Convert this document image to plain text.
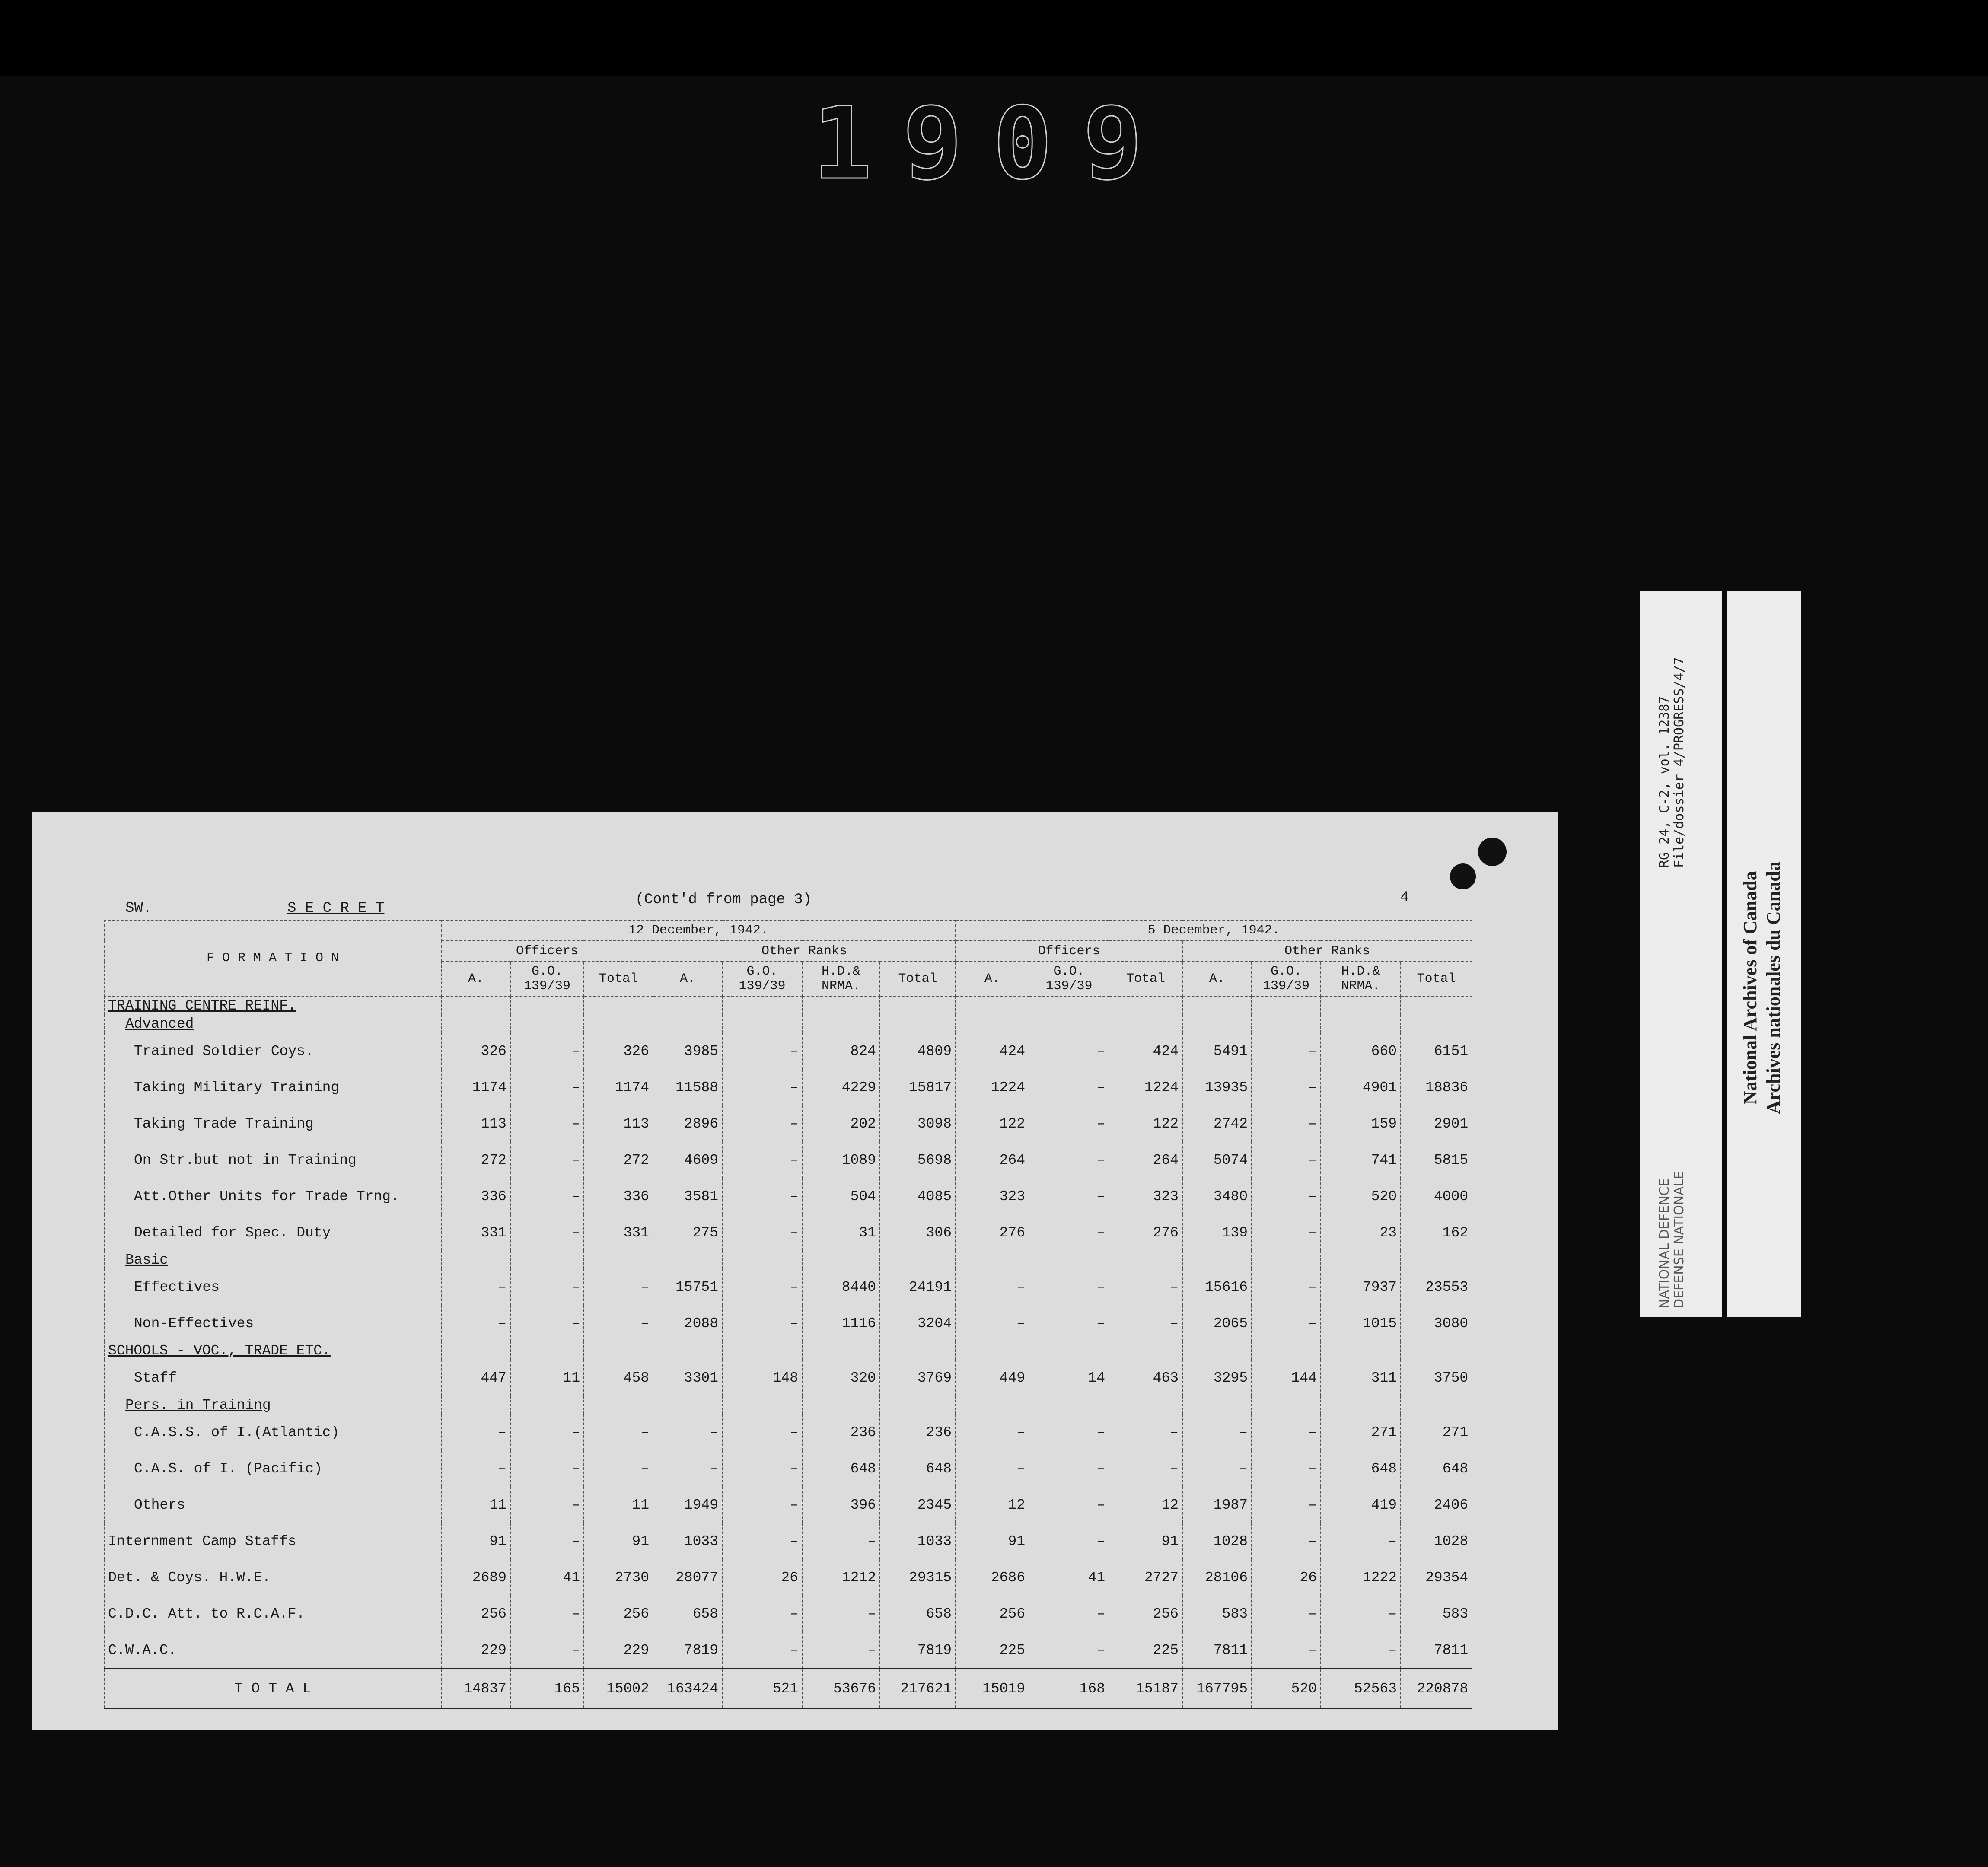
1909
SW.	S E C R E T
(Cont'd from page 3)	4
F O R M A T I O N	12 December, 1942.							5 December, 1942.						
	Officers			Other Ranks				Officers			Other Ranks			
	A.	G.O. 139/39	Total	A.	G.O. 139/39	H.D.& NRMA.	Total	A.	G.O. 139/39	Total	A.	G.O. 139/39	H.D.& NRMA.	Total
TRAINING CENTRE REINF.														
Advanced														
Trained Soldier Coys.	326	–	326	3985	–	824	4809	424	–	424	5491	–	660	6151
Taking Military Training	1174	–	1174	11588	–	4229	15817	1224	–	1224	13935	–	4901	18836
Taking Trade Training	113	–	113	2896	–	202	3098	122	–	122	2742	–	159	2901
On Str.but not in Training	272	–	272	4609	–	1089	5698	264	–	264	5074	–	741	5815
Att.Other Units for Trade Trng.	336	–	336	3581	–	504	4085	323	–	323	3480	–	520	4000
Detailed for Spec. Duty	331	–	331	275	–	31	306	276	–	276	139	–	23	162
Basic														
Effectives	–	–	–	15751	–	8440	24191	–	–	–	15616	–	7937	23553
Non-Effectives	–	–	–	2088	–	1116	3204	–	–	–	2065	–	1015	3080
SCHOOLS - VOC., TRADE ETC.														
Staff	447	11	458	3301	148	320	3769	449	14	463	3295	144	311	3750
Pers. in Training														
C.A.S.S. of I.(Atlantic)	–	–	–	–	–	236	236	–	–	–	–	–	271	271
C.A.S. of I. (Pacific)	–	–	–	–	–	648	648	–	–	–	–	–	648	648
Others	11	–	11	1949	–	396	2345	12	–	12	1987	–	419	2406
Internment Camp Staffs	91	–	91	1033	–	–	1033	91	–	91	1028	–	–	1028
Det. & Coys. H.W.E.	2689	41	2730	28077	26	1212	29315	2686	41	2727	28106	26	1222	29354
C.D.C. Att. to R.C.A.F.	256	–	256	658	–	–	658	256	–	256	583	–	–	583
C.W.A.C.	229	–	229	7819	–	–	7819	225	–	225	7811	–	–	7811
T O T A L	14837	165	15002	163424	521	53676	217621	15019	168	15187	167795	520	52563	220878
RG 24, C-2, vol. 12387 File/dossier 4/PROGRESS/4/7
NATIONAL DEFENCE DEFENSE NATIONALE
National Archives of Canada Archives nationales du Canada
